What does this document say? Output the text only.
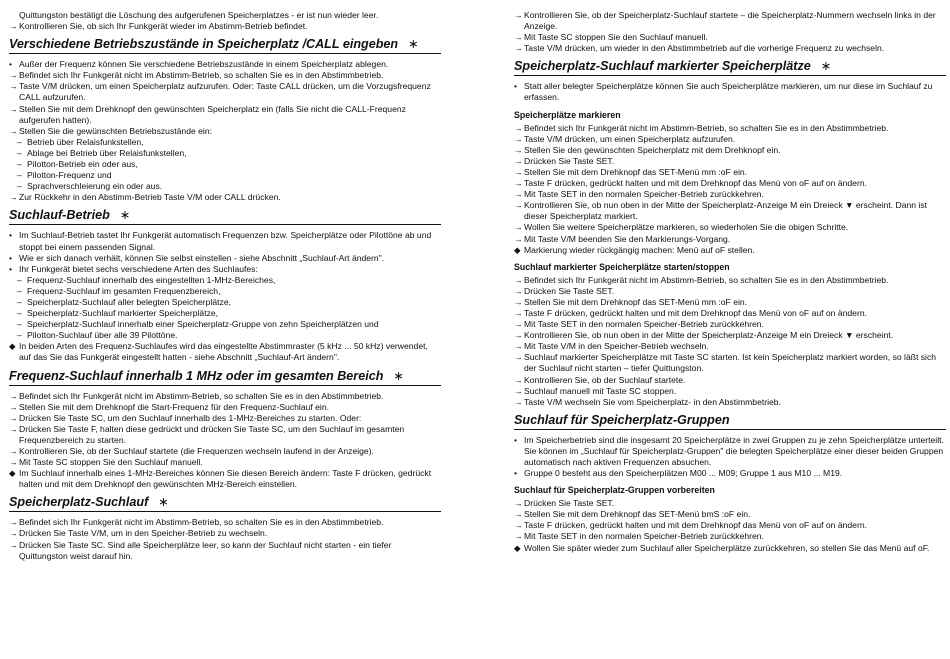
Quittungston bestätigt die Löschung des aufgerufenen Speicherplatzes - er ist nun wieder leer.
→ Kontrollieren Sie, ob sich Ihr Funkgerät wieder im Abstimm-Betrieb befindet.
Verschiedene Betriebszustände in Speicherplatz /CALL eingeben ∗
• Außer der Frequenz können Sie verschiedene Betriebszustände in einem Speicherplatz ablegen.
→ Befindet sich Ihr Funkgerät nicht im Abstimm-Betrieb, so schalten Sie es in den Abstimmbetrieb.
→ Taste V/M drücken, um einen Speicherplatz aufzurufen. Oder: Taste CALL drücken, um die Vorzugsfrequenz CALL aufzurufen.
→ Stellen Sie mit dem Drehknopf den gewünschten Speicherplatz ein (falls Sie nicht die CALL-Frequenz aufgerufen hatten).
→ Stellen Sie die gewünschten Betriebszustände ein:
– Betrieb über Relaisfunkstellen,
– Ablage bei Betrieb über Relaisfunkstellen,
– Pilotton-Betrieb ein oder aus,
– Pilotton-Frequenz und
– Sprachverschleierung ein oder aus.
→ Zur Rückkehr in den Abstimm-Betrieb Taste V/M oder CALL drücken.
Suchlauf-Betrieb ∗
• Im Suchlauf-Betrieb tastet Ihr Funkgerät automatisch Frequenzen bzw. Speicherplätze oder Pilottöne ab und stoppt bei einem passenden Signal.
• Wie er sich danach verhält, können Sie selbst einstellen - siehe Abschnitt „Suchlauf-Art ändern".
• Ihr Funkgerät bietet sechs verschiedene Arten des Suchlaufes:
– Frequenz-Suchlauf innerhalb des eingestellten 1-MHz-Bereiches,
– Frequenz-Suchlauf im gesamten Frequenzbereich,
– Speicherplatz-Suchlauf aller belegten Speicherplätze,
– Speicherplatz-Suchlauf markierter Speicherplätze,
– Speicherplatz-Suchlauf innerhalb einer Speicherplatz-Gruppe von zehn Speicherplätzen und
– Pilotton-Suchlauf über alle 39 Pilottöne.
◆ In beiden Arten des Frequenz-Suchlaufes wird das eingestellte Abstimmraster (5 kHz ... 50 kHz) verwendet, auf das Sie das Funkgerät eingestellt hatten - siehe Abschnitt „Suchlauf-Art ändern".
Frequenz-Suchlauf innerhalb 1 MHz oder im gesamten Bereich ∗
→ Befindet sich Ihr Funkgerät nicht im Abstimm-Betrieb, so schalten Sie es in den Abstimmbetrieb.
→ Stellen Sie mit dem Drehknopf die Start-Frequenz für den Frequenz-Suchlauf ein.
→ Drücken Sie Taste SC, um den Suchlauf innerhalb des 1-MHz-Bereiches zu starten. Oder:
→ Drücken Sie Taste F, halten diese gedrückt und drücken Sie Taste SC, um den Suchlauf im gesamten Frequenzbereich zu starten.
→ Kontrollieren Sie, ob der Suchlauf startete (die Frequenzen wechseln laufend in der Anzeige).
→ Mit Taste SC stoppen Sie den Suchlauf manuell.
◆ Im Suchlauf innerhalb eines 1-MHz-Bereiches können Sie diesen Bereich ändern: Taste F drücken, gedrückt halten und mit dem Drehknopf den gewünschten MHz-Bereich einstellen.
Speicherplatz-Suchlauf ∗
→ Befindet sich Ihr Funkgerät nicht im Abstimm-Betrieb, so schalten Sie es in den Abstimmbetrieb.
→ Drücken Sie Taste V/M, um in den Speicher-Betrieb zu wechseln.
→ Drücken Sie Taste SC. Sind alle Speicherplätze leer, so kann der Suchlauf nicht starten - ein tiefer Quittungston weist darauf hin.
→ Kontrollieren Sie, ob der Speicherplatz-Suchlauf startete – die Speicherplatz-Nummern wechseln links in der Anzeige.
→ Mit Taste SC stoppen Sie den Suchlauf manuell.
→ Taste V/M drücken, um wieder in den Abstimmbetrieb auf die vorherige Frequenz zu wechseln.
Speicherplatz-Suchlauf markierter Speicherplätze ∗
• Statt aller belegter Speicherplätze können Sie auch Speicherplätze markieren, um nur diese im Suchlauf zu erfassen.
Speicherplätze markieren
→ Befindet sich Ihr Funkgerät nicht im Abstimm-Betrieb, so schalten Sie es in den Abstimmbetrieb.
→ Taste V/M drücken, um einen Speicherplatz aufzurufen.
→ Stellen Sie den gewünschten Speicherplatz mit dem Drehknopf ein.
→ Drücken Sie Taste SET.
→ Stellen Sie mit dem Drehknopf das SET-Menü mm :oF ein.
→ Taste F drücken, gedrückt halten und mit dem Drehknopf das Menü von oF auf on ändern.
→ Mit Taste SET in den normalen Speicher-Betrieb zurückkehren.
→ Kontrollieren Sie, ob nun oben in der Mitte der Speicherplatz-Anzeige M ein Dreieck ▼ erscheint. Dann ist dieser Speicherplatz markiert.
→ Wollen Sie weitere Speicherplätze markieren, so wiederholen Sie die obigen Schritte.
→ Mit Taste V/M beenden Sie den Markierungs-Vorgang.
◆ Markierung wieder rückgängig machen: Menü auf oF stellen.
Suchlauf markierter Speicherplätze starten/stoppen
→ Befindet sich Ihr Funkgerät nicht im Abstimm-Betrieb, so schalten Sie es in den Abstimmbetrieb.
→ Drücken Sie Taste SET.
→ Stellen Sie mit dem Drehknopf das SET-Menü mm :oF ein.
→ Taste F drücken, gedrückt halten und mit dem Drehknopf das Menü von oF auf on ändern.
→ Mit Taste SET in den normalen Speicher-Betrieb zurückkehren.
→ Kontrollieren Sie, ob nun oben in der Mitte der Speicherplatz-Anzeige M ein Dreieck ▼ erscheint.
→ Mit Taste V/M in den Speicher-Betrieb wechseln.
→ Suchlauf markierter Speicherplätze mit Taste SC starten. Ist kein Speicherplatz markiert worden, so läßt sich der Suchlauf nicht starten – tiefer Quittungston.
→ Kontrollieren Sie, ob der Suchlauf startete.
→ Suchlauf manuell mit Taste SC stoppen.
→ Taste V/M wechseln Sie vom Speicherplatz- in den Abstimmbetrieb.
Suchlauf für Speicherplatz-Gruppen
• Im Speicherbetrieb sind die insgesamt 20 Speicherplätze in zwei Gruppen zu je zehn Speicherplätze unterteilt. Sie können im „Suchlauf für Speicherplatz-Gruppen" die belegten Speicherplätze einer dieser beiden Gruppen automatisch nach aktiven Frequenzen absuchen.
• Gruppe 0 besteht aus den Speicherplätzen M00 ... M09; Gruppe 1 aus M10 ... M19.
Suchlauf für Speicherplatz-Gruppen vorbereiten
→ Drücken Sie Taste SET.
→ Stellen Sie mit dem Drehknopf das SET-Menü bmS :oF ein.
→ Taste F drücken, gedrückt halten und mit dem Drehknopf das Menü von oF auf on ändern.
→ Mit Taste SET in den normalen Speicher-Betrieb zurückkehren.
◆ Wollen Sie später wieder zum Suchlauf aller Speicherplätze zurückkehren, so stellen Sie das Menü auf oF.
